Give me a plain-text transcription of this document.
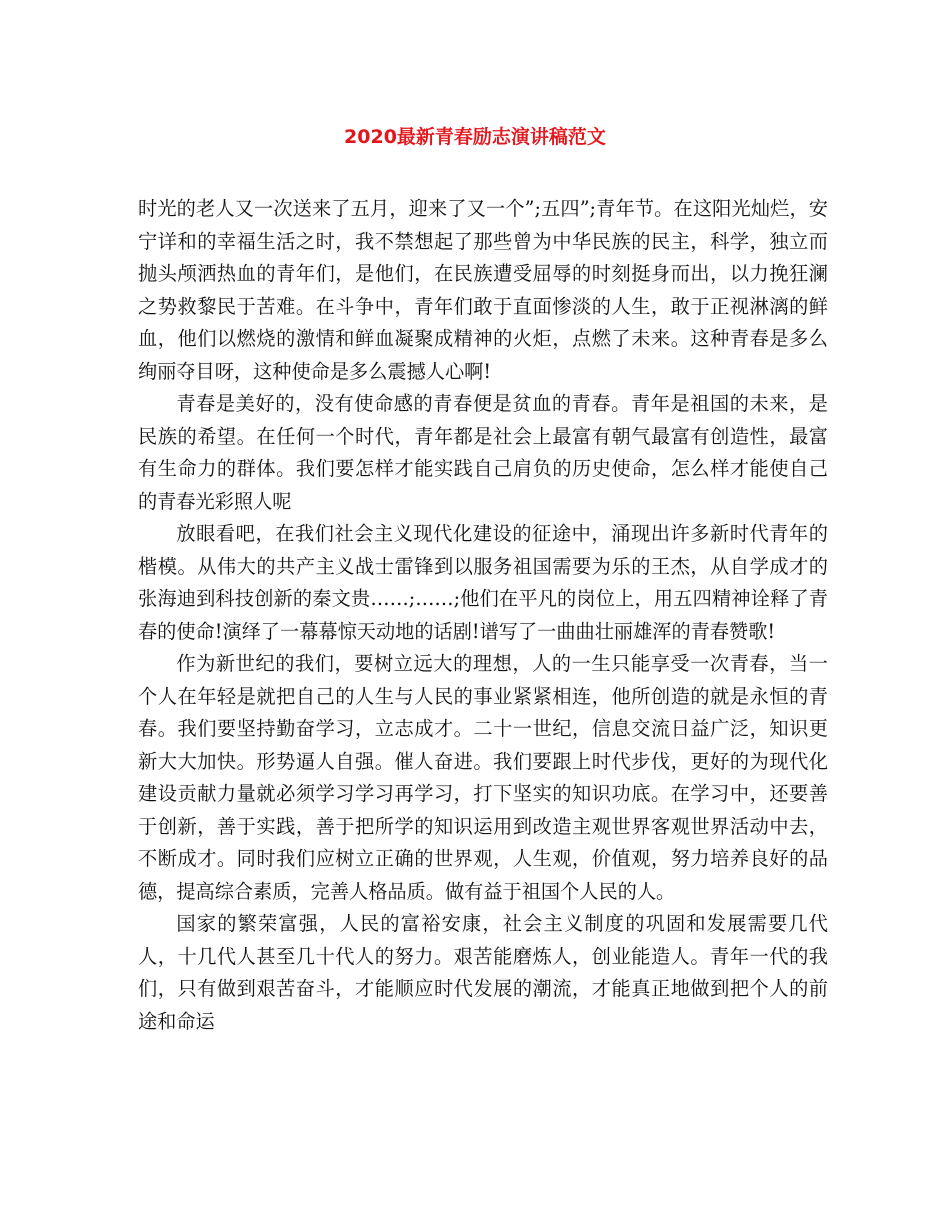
2020最新青春励志演讲稿范文

时光的老人又一次送来了五月，迎来了又一个”;五四”;青年节。在这阳光灿烂，安宁详和的幸福生活之时，我不禁想起了那些曾为中华民族的民主，科学，独立而抛头颅洒热血的青年们，是他们，在民族遭受屈辱的时刻挺身而出，以力挽狂澜之势救黎民于苦难。在斗争中，青年们敢于直面惨淡的人生，敢于正视淋漓的鲜血，他们以燃烧的激情和鲜血凝聚成精神的火炬，点燃了未来。这种青春是多么绚丽夺目呀，这种使命是多么震撼人心啊!

青春是美好的，没有使命感的青春便是贫血的青春。青年是祖国的未来，是民族的希望。在任何一个时代，青年都是社会上最富有朝气最富有创造性，最富有生命力的群体。我们要怎样才能实践自己肩负的历史使命，怎么样才能使自己的青春光彩照人呢

放眼看吧，在我们社会主义现代化建设的征途中，涌现出许多新时代青年的楷模。从伟大的共产主义战士雷锋到以服务祖国需要为乐的王杰，从自学成才的张海迪到科技创新的秦文贵……;……;他们在平凡的岗位上，用五四精神诠释了青春的使命!演绎了一幕幕惊天动地的话剧!谱写了一曲曲壮丽雄浑的青春赞歌!

作为新世纪的我们，要树立远大的理想，人的一生只能享受一次青春，当一个人在年轻是就把自己的人生与人民的事业紧紧相连，他所创造的就是永恒的青春。我们要坚持勤奋学习，立志成才。二十一世纪，信息交流日益广泛，知识更新大大加快。形势逼人自强。催人奋进。我们要跟上时代步伐，更好的为现代化建设贡献力量就必须学习学习再学习，打下坚实的知识功底。在学习中，还要善于创新，善于实践，善于把所学的知识运用到改造主观世界客观世界活动中去，不断成才。同时我们应树立正确的世界观，人生观，价值观，努力培养良好的品德，提高综合素质，完善人格品质。做有益于祖国个人民的人。

国家的繁荣富强，人民的富裕安康，社会主义制度的巩固和发展需要几代人，十几代人甚至几十代人的努力。艰苦能磨炼人，创业能造人。青年一代的我们，只有做到艰苦奋斗，才能顺应时代发展的潮流，才能真正地做到把个人的前途和命运
